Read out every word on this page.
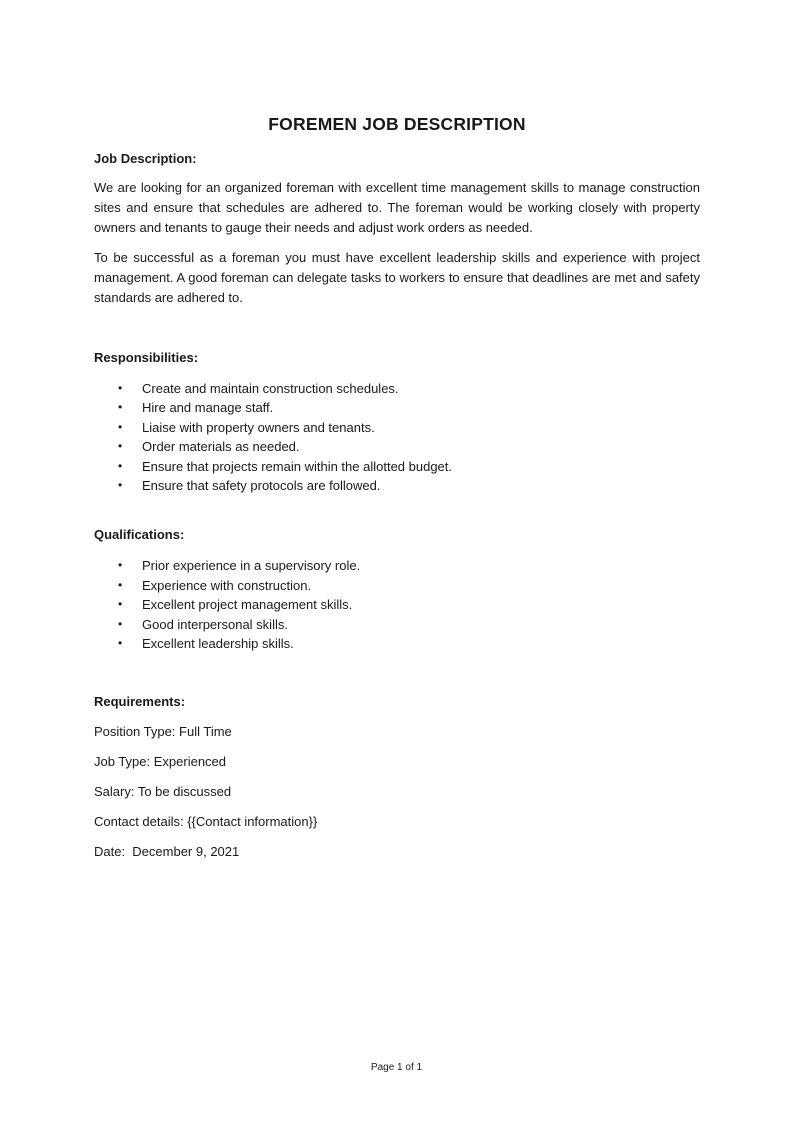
FOREMEN JOB DESCRIPTION

Job Description:

We are looking for an organized foreman with excellent time management skills to manage construction sites and ensure that schedules are adhered to. The foreman would be working closely with property owners and tenants to gauge their needs and adjust work orders as needed.

To be successful as a foreman you must have excellent leadership skills and experience with project management. A good foreman can delegate tasks to workers to ensure that deadlines are met and safety standards are adhered to.

Responsibilities:

• Create and maintain construction schedules.
• Hire and manage staff.
• Liaise with property owners and tenants.
• Order materials as needed.
• Ensure that projects remain within the allotted budget.
• Ensure that safety protocols are followed.

Qualifications:

• Prior experience in a supervisory role.
• Experience with construction.
• Excellent project management skills.
• Good interpersonal skills.
• Excellent leadership skills.

Requirements:

Position Type: Full Time

Job Type: Experienced

Salary: To be discussed

Contact details: {{Contact information}}

Date:  December 9, 2021

Page 1 of 1
